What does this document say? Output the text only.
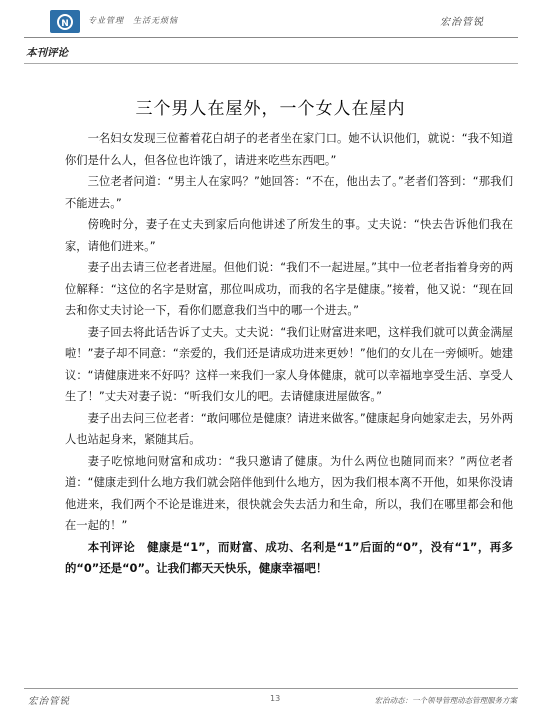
N	专业管理　生活无烦恼	宏治管锐
本刊评论
三个男人在屋外，一个女人在屋内

一名妇女发现三位蓄着花白胡子的老者坐在家门口。她不认识他们，就说：“我不知道你们是什么人，但各位也许饿了，请进来吃些东西吧。”

三位老者问道：“男主人在家吗？”她回答：“不在，他出去了。”老者们答到：“那我们不能进去。”

傍晚时分，妻子在丈夫到家后向他讲述了所发生的事。丈夫说：“快去告诉他们我在家，请他们进来。”

妻子出去请三位老者进屋。但他们说：“我们不一起进屋。”其中一位老者指着身旁的两位解释：“这位的名字是财富，那位叫成功，而我的名字是健康。”接着，他又说：“现在回去和你丈夫讨论一下，看你们愿意我们当中的哪一个进去。”

妻子回去将此话告诉了丈夫。丈夫说：“我们让财富进来吧，这样我们就可以黄金满屋啦！”妻子却不同意：“亲爱的，我们还是请成功进来更妙！”他们的女儿在一旁倾听。她建议：“请健康进来不好吗？这样一来我们一家人身体健康，就可以幸福地享受生活、享受人生了！”丈夫对妻子说：“听我们女儿的吧。去请健康进屋做客。”

妻子出去问三位老者：“敢问哪位是健康？请进来做客。”健康起身向她家走去，另外两人也站起身来，紧随其后。

妻子吃惊地问财富和成功：“我只邀请了健康。为什么两位也随同而来？”两位老者道：“健康走到什么地方我们就会陪伴他到什么地方，因为我们根本离不开他，如果你没请他进来，我们两个不论是谁进来，很快就会失去活力和生命，所以，我们在哪里都会和他在一起的！”

本刊评论　健康是“1”，而财富、成功、名利是“1”后面的“0”，没有“1”，再多的“0”还是“0”。让我们都天天快乐，健康幸福吧！

宏治管锐	13	宏治动态：一个领导管理动态管理服务方案
